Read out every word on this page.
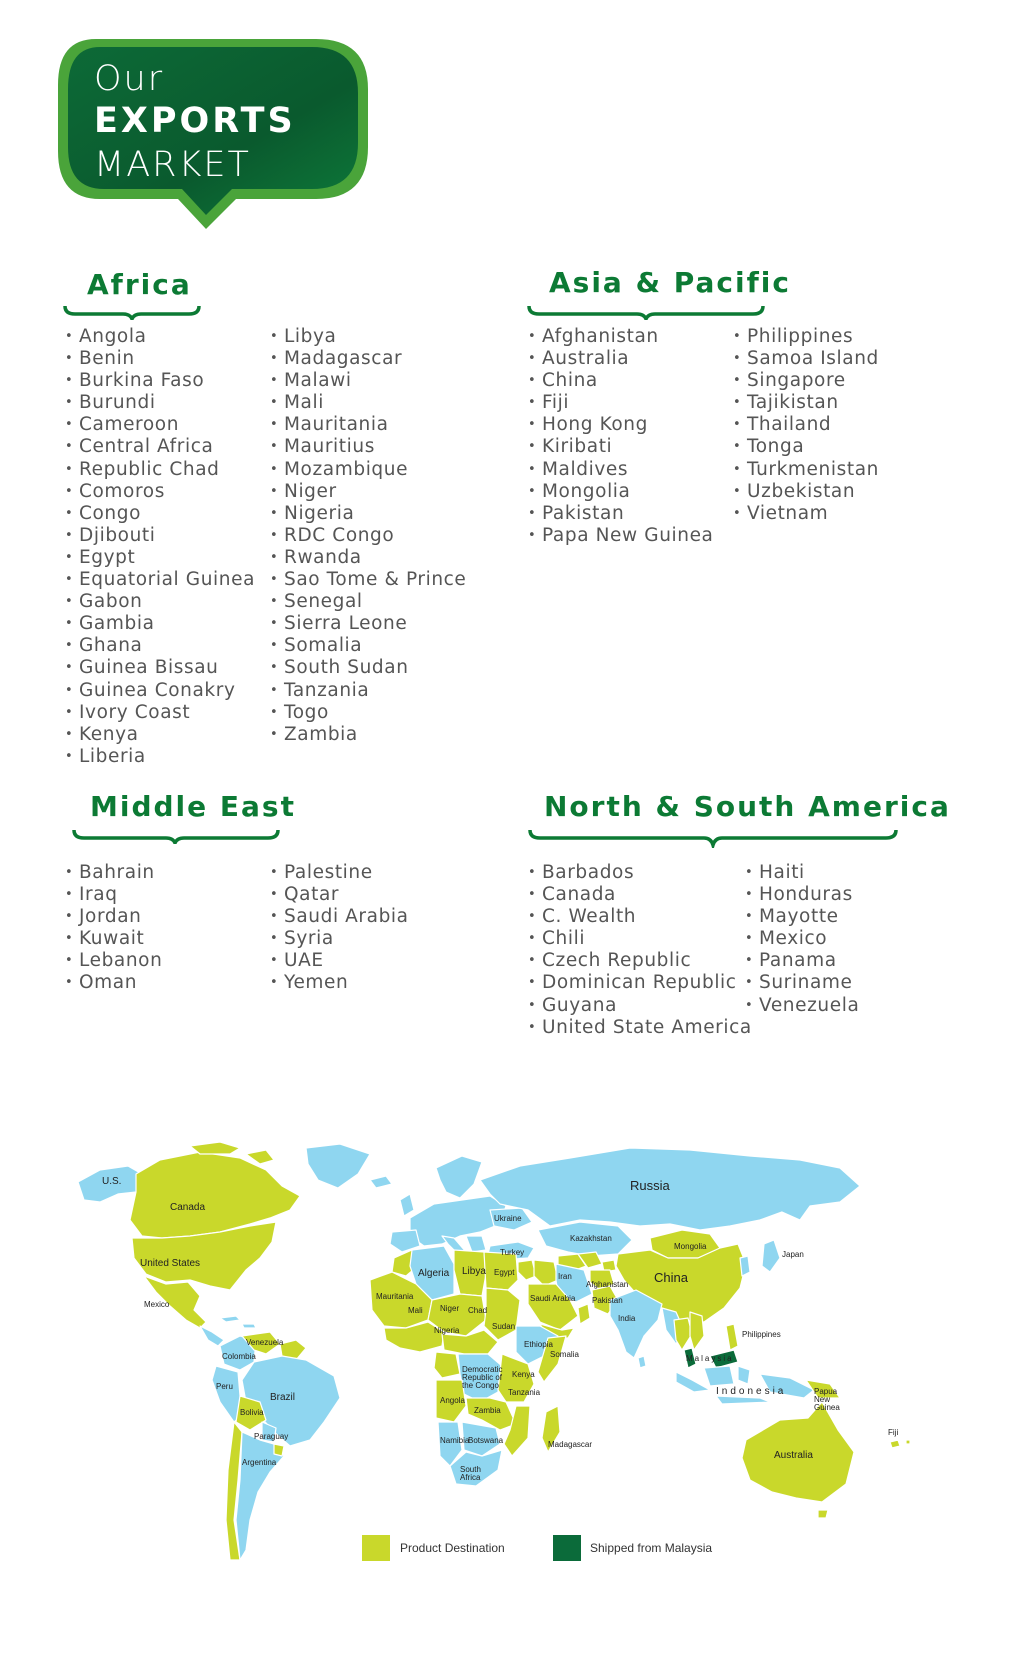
Our
EXPORTS
MARKET
Africa
• Angola
• Benin
• Burkina Faso
• Burundi
• Cameroon
• Central Africa
• Republic Chad
• Comoros
• Congo
• Djibouti
• Egypt
• Equatorial Guinea
• Gabon
• Gambia
• Ghana
• Guinea Bissau
• Guinea Conakry
• Ivory Coast
• Kenya
• Liberia
• Libya
• Madagascar
• Malawi
• Mali
• Mauritania
• Mauritius
• Mozambique
• Niger
• Nigeria
• RDC Congo
• Rwanda
• Sao Tome & Prince
• Senegal
• Sierra Leone
• Somalia
• South Sudan
• Tanzania
• Togo
• Zambia
Asia & Pacific
• Afghanistan
• Australia
• China
• Fiji
• Hong Kong
• Kiribati
• Maldives
• Mongolia
• Pakistan
• Papa New Guinea
• Philippines
• Samoa Island
• Singapore
• Tajikistan
• Thailand
• Tonga
• Turkmenistan
• Uzbekistan
• Vietnam
Middle East
• Bahrain
• Iraq
• Jordan
• Kuwait
• Lebanon
• Oman
• Palestine
• Qatar
• Saudi Arabia
• Syria
• UAE
• Yemen
North & South America
• Barbados
• Canada
• C. Wealth
• Chili
• Czech Republic
• Dominican Republic
• Guyana
• United State America
• Haiti
• Honduras
• Mayotte
• Mexico
• Panama
• Suriname
• Venezuela
U.S.
Canada
United States
Mexico
Venezuela
Colombia
Brazil
Peru
Bolivia
Paraguay
Argentina
Russia
China
Kazakhstan
Mongolia
Ukraine
Turkey	Japan
Iran
Afghanistan
Pakistan
India
Saudi Arabia
Algeria Libya Egypt
Mauritania
Mali Niger
Nigeria
Chad
Sudan
Ethiopia
Somalia
Democratic Republic of the Congo
Kenya
Tanzania
Angola
Zambia
Namibia
Botswana
South Africa
Madagascar
Malaysia
Indonesia
Philippines
Papua New Guinea
Australia
Fiji
Product Destination	Shipped from Malaysia
